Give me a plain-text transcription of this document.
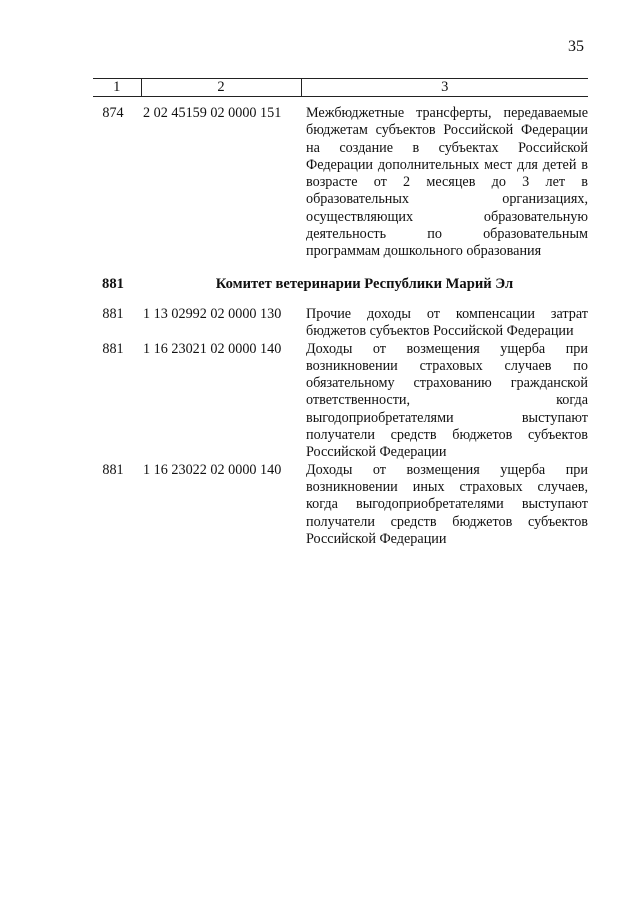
35
1	2	3

874	2 02 45159 02 0000 151	Межбюджетные трансферты, передаваемые бюджетам субъектов Российской Федерации на создание в субъектах Российской Федерации дополнительных мест для детей в возрасте от 2 месяцев до 3 лет в образовательных организациях, осуществляющих образовательную деятельность по образовательным программам дошкольного образования
881	Комитет ветеринарии Республики Марий Эл	
881	1 13 02992 02 0000 130	Прочие доходы от компенсации затрат бюджетов субъектов Российской Федерации
881	1 16 23021 02 0000 140	Доходы от возмещения ущерба при возникновении страховых случаев по обязательному страхованию гражданской ответственности, когда выгодоприобретателями выступают получатели средств бюджетов субъектов Российской Федерации
881	1 16 23022 02 0000 140	Доходы от возмещения ущерба при возникновении иных страховых случаев, когда выгодоприобретателями выступают получатели средств бюджетов субъектов Российской Федерации
